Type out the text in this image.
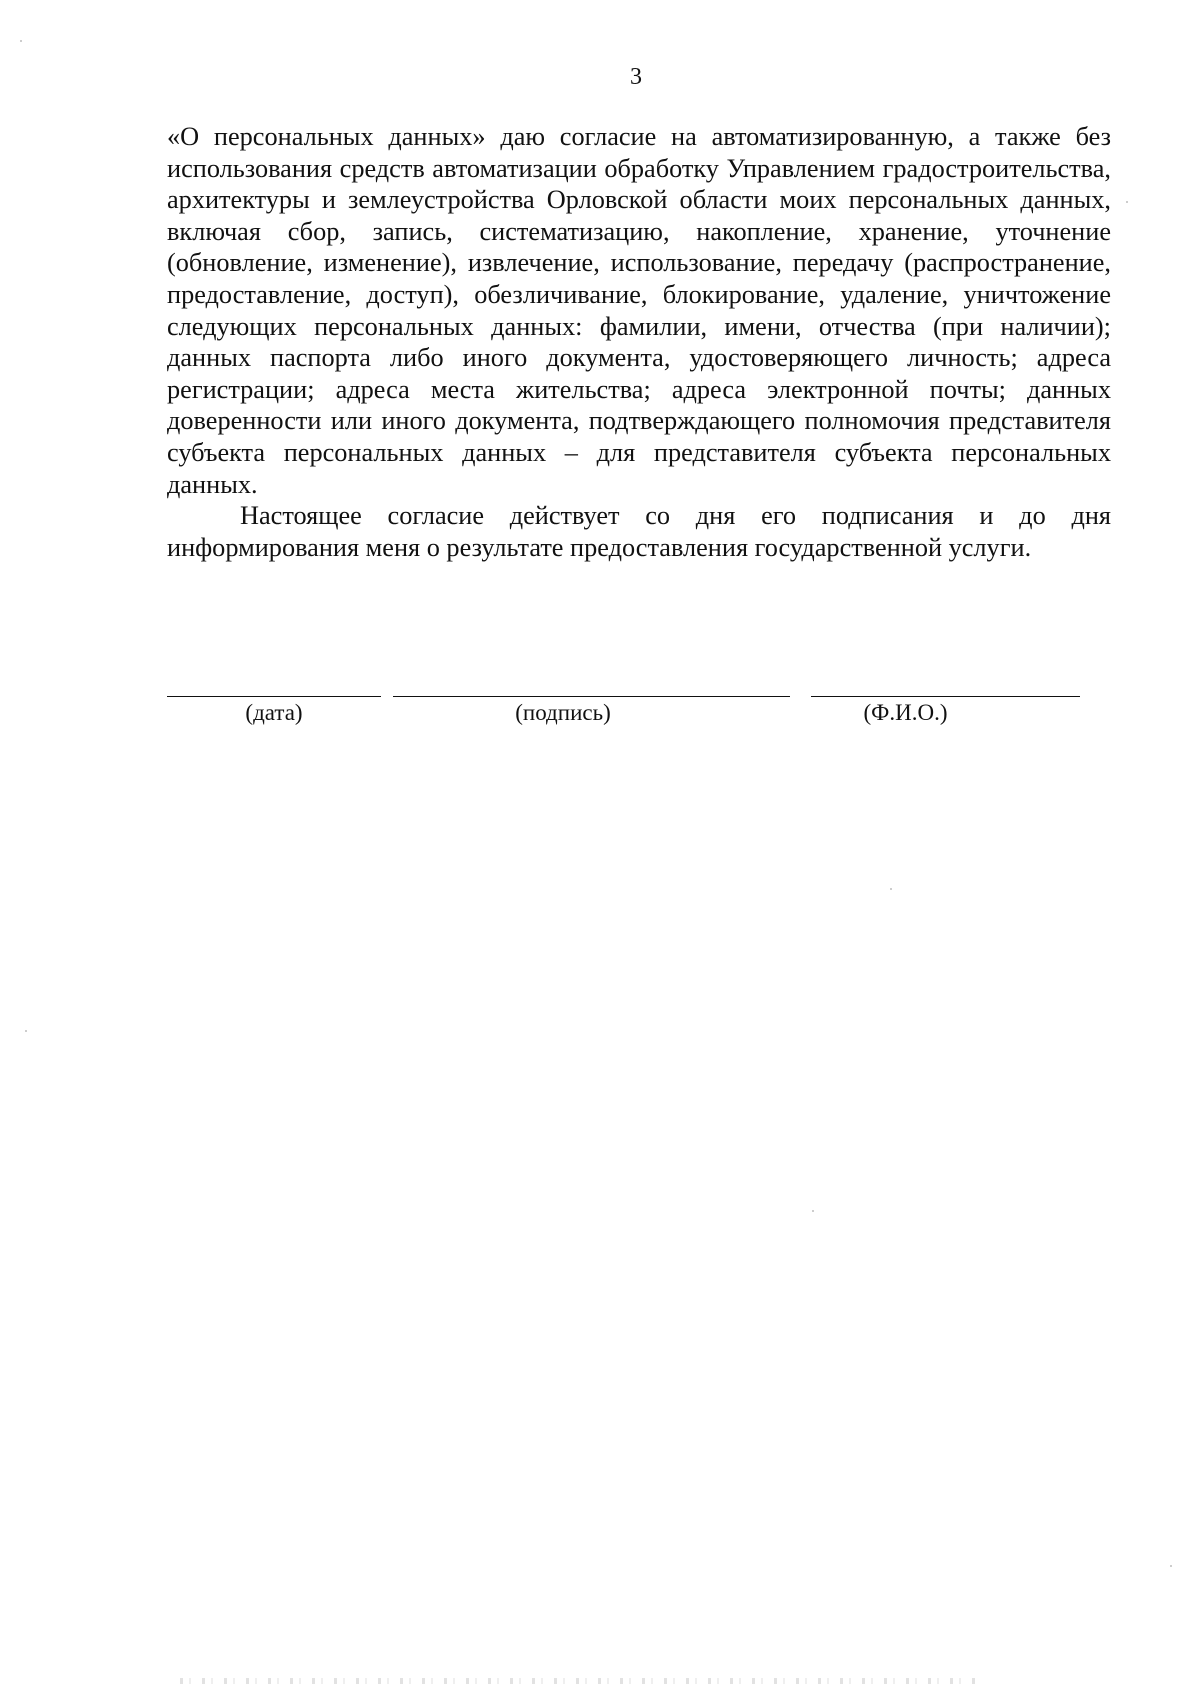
3

«О персональных данных» даю согласие на автоматизированную, а также без использования средств автоматизации обработку Управлением градостроительства, архитектуры и землеустройства Орловской области моих персональных данных, включая сбор, запись, систематизацию, накопление, хранение, уточнение (обновление, изменение), извлечение, использование, передачу (распространение, предоставление, доступ), обезличивание, блокирование, удаление, уничтожение следующих персональных данных: фамилии, имени, отчества (при наличии); данных паспорта либо иного документа, удостоверяющего личность; адреса регистрации; адреса места жительства; адреса электронной почты; данных доверенности или иного документа, подтверждающего полномочия представителя субъекта персональных данных – для представителя субъекта персональных данных.

Настоящее согласие действует со дня его подписания и до дня информирования меня о результате предоставления государственной услуги.

(дата)	(подпись)	(Ф.И.О.)
